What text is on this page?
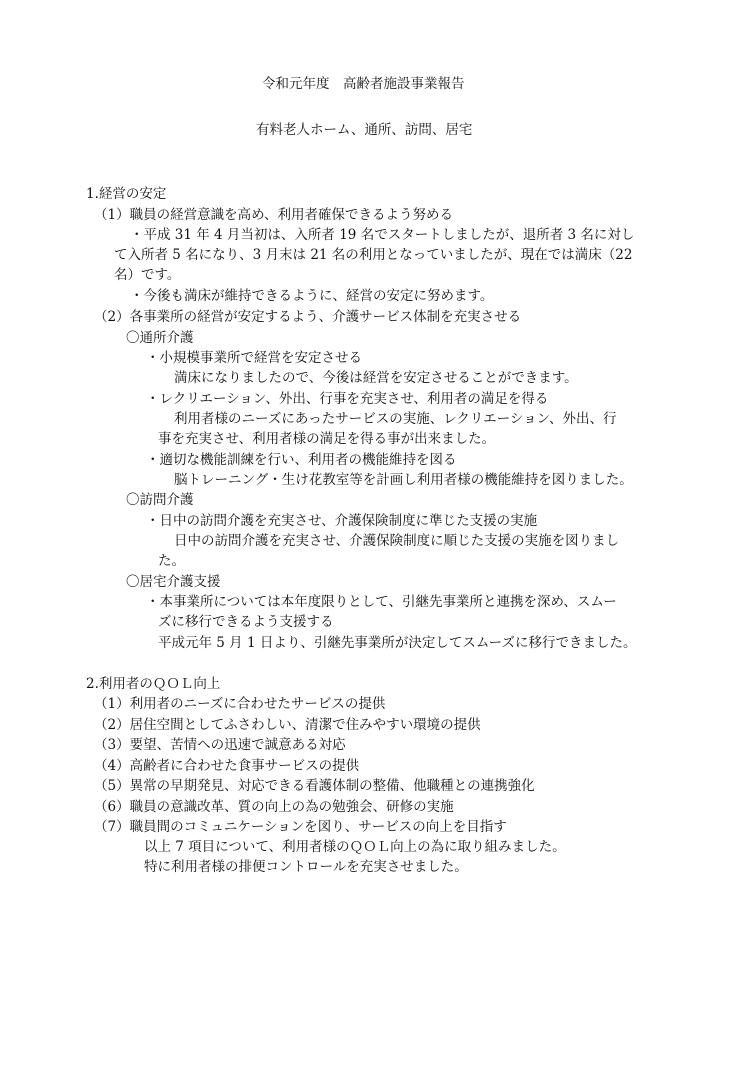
令和元年度　高齢者施設事業報告
有料老人ホーム、通所、訪問、居宅
1.経営の安定
（1）職員の経営意識を高め、利用者確保できるよう努める
・平成 31 年 4 月当初は、入所者 19 名でスタートしましたが、退所者 3 名に対し
て入所者 5 名になり、3 月末は 21 名の利用となっていましたが、現在では満床（22
名）です。
・今後も満床が維持できるように、経営の安定に努めます。
（2）各事業所の経営が安定するよう、介護サービス体制を充実させる
〇通所介護
・小規模事業所で経営を安定させる
満床になりましたので、今後は経営を安定させることができます。
・レクリエーション、外出、行事を充実させ、利用者の満足を得る
利用者様のニーズにあったサービスの実施、レクリエーション、外出、行
事を充実させ、利用者様の満足を得る事が出来ました。
・適切な機能訓練を行い、利用者の機能維持を図る
脳トレーニング・生け花教室等を計画し利用者様の機能維持を図りました。
〇訪問介護
・日中の訪問介護を充実させ、介護保険制度に準じた支援の実施
日中の訪問介護を充実させ、介護保険制度に順じた支援の実施を図りまし
た。
〇居宅介護支援
・本事業所については本年度限りとして、引継先事業所と連携を深め、スムー
ズに移行できるよう支援する
平成元年 5 月 1 日より、引継先事業所が決定してスムーズに移行できました。
2.利用者のＱＯＬ向上
（1）利用者のニーズに合わせたサービスの提供
（2）居住空間としてふさわしい、清潔で住みやすい環境の提供
（3）要望、苦情への迅速で誠意ある対応
（4）高齢者に合わせた食事サービスの提供
（5）異常の早期発見、対応できる看護体制の整備、他職種との連携強化
（6）職員の意識改革、質の向上の為の勉強会、研修の実施
（7）職員間のコミュニケーションを図り、サービスの向上を目指す
以上 7 項目について、利用者様のＱＯＬ向上の為に取り組みました。
特に利用者様の排便コントロールを充実させました。
